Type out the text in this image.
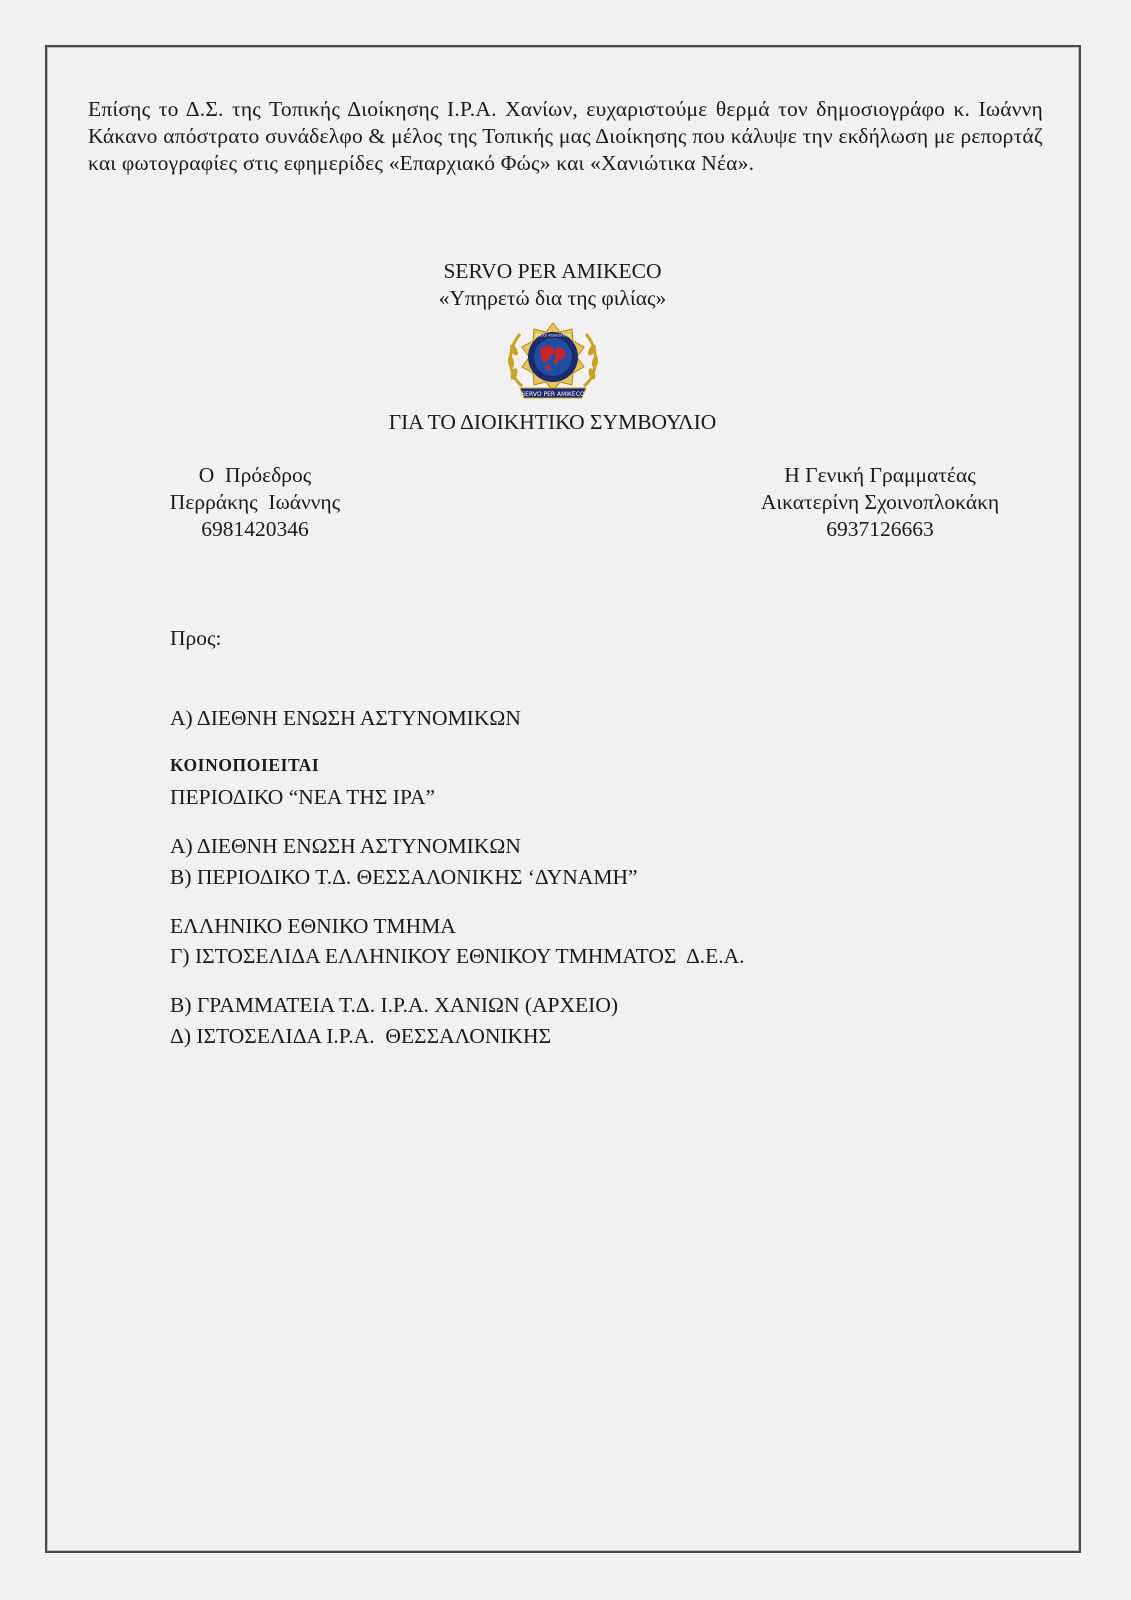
Επίσης το Δ.Σ. της Τοπικής Διοίκησης Ι.Ρ.Α. Χανίων, ευχαριστούμε θερμά τον δημοσιογράφο κ. Ιωάννη Κάκανο απόστρατο συνάδελφο & μέλος της Τοπικής μας Διοίκησης που κάλυψε την εκδήλωση με ρεπορτάζ και φωτογραφίες στις εφημερίδες «Επαρχιακό Φώς» και «Χανιώτικα Νέα».

SERVO PER AMIKECO
«Υπηρετώ δια της φιλίας»
SERVO PER AMIKECO
POLICE ASSOCIATION
ΓΙΑ ΤΟ ΔΙΟΙΚΗΤΙΚΟ ΣΥΜΒΟΥΛΙΟ
Ο  Πρόεδρος
Περράκης  Ιωάννης
6981420346
Η Γενική Γραμματέας
Αικατερίνη Σχοινοπλοκάκη
6937126663

Προς:

Α) ΔΙΕΘΝΗ ΕΝΩΣΗ ΑΣΤΥΝΟΜΙΚΩΝ

ΠΕΡΙΟΔΙΚΟ “ΝΕΑ ΤΗΣ ΙΡΑ”

Β) ΠΕΡΙΟΔΙΚΟ Τ.Δ. ΘΕΣΣΑΛΟΝΙΚΗΣ ‘ΔΥΝΑΜΗ”

Γ) ΙΣΤΟΣΕΛΙΔΑ ΕΛΛΗΝΙΚΟΥ ΕΘΝΙΚΟΥ ΤΜΗΜΑΤΟΣ  Δ.Ε.Α.

Δ) ΙΣΤΟΣΕΛΙΔΑ Ι.Ρ.Α.  ΘΕΣΣΑΛΟΝΙΚΗΣ

ΚΟΙΝΟΠΟΙΕΙΤΑΙ

Α) ΔΙΕΘΝΗ ΕΝΩΣΗ ΑΣΤΥΝΟΜΙΚΩΝ

ΕΛΛΗΝΙΚΟ ΕΘΝΙΚΟ ΤΜΗΜΑ

Β) ΓΡΑΜΜΑΤΕΙΑ Τ.Δ. Ι.Ρ.Α. ΧΑΝΙΩΝ (ΑΡΧΕΙΟ)
